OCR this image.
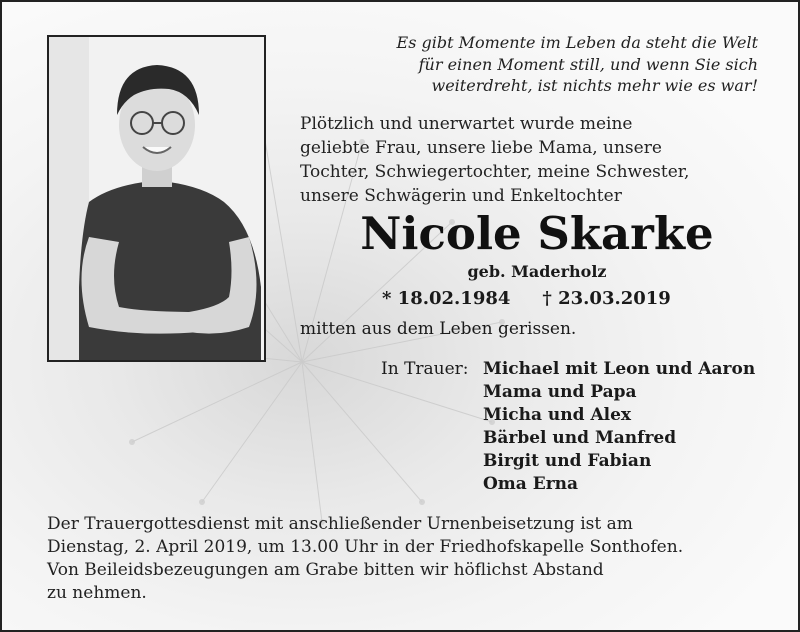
Es gibt Momente im Leben da steht die Welt
für einen Moment still, und wenn Sie sich
weiterdreht, ist nichts mehr wie es war!
Plötzlich und unerwartet wurde meine
geliebte Frau, unsere liebe Mama, unsere
Tochter, Schwiegertochter, meine Schwester,
unsere Schwägerin und Enkeltochter
Nicole Skarke
geb. Maderholz
* 18.02.1984 † 23.03.2019
mitten aus dem Leben gerissen.
In Trauer: Michael mit Leon und Aaron
Mama und Papa
Micha und Alex
Bärbel und Manfred
Birgit und Fabian
Oma Erna
Der Trauergottesdienst mit anschließender Urnenbeisetzung ist am
Dienstag, 2. April 2019, um 13.00 Uhr in der Friedhofskapelle Sonthofen.
Von Beileidsbezeugungen am Grabe bitten wir höflichst Abstand
zu nehmen.
